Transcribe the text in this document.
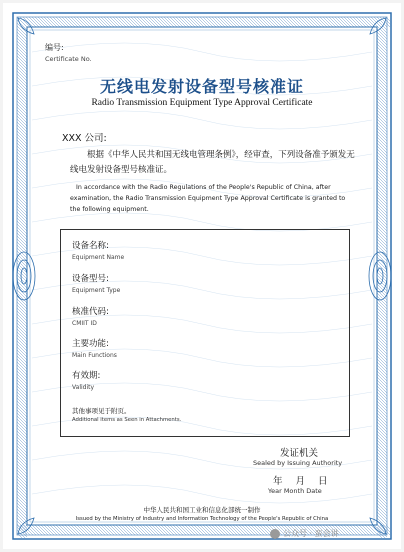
编号:
Certificate No.
无线电发射设备型号核准证
Radio Transmission Equipment Type Approval Certificate
XXX 公司:
根据《中华人民共和国无线电管理条例》，经审查，下列设备准予颁发无线电发射设备型号核准证。
In accordance with the Radio Regulations of the People's Republic of China, after examination, the Radio Transmission Equipment Type Approval Certificate is granted to the following equipment.
设备名称:
Equipment Name
设备型号:
Equipment Type
核准代码:
CMIIT ID
主要功能:
Main Functions
有效期:
Validity
其他事项见于附页。
Additional items as Seen in Attachments.
发证机关
Sealed by Issuing Authority
年 月 日
Year Month Date
中华人民共和国工业和信息化部统一制作
Issued by the Ministry of Industry and Information Technology of the People's Republic of China
公众号 · 蛮会讲
